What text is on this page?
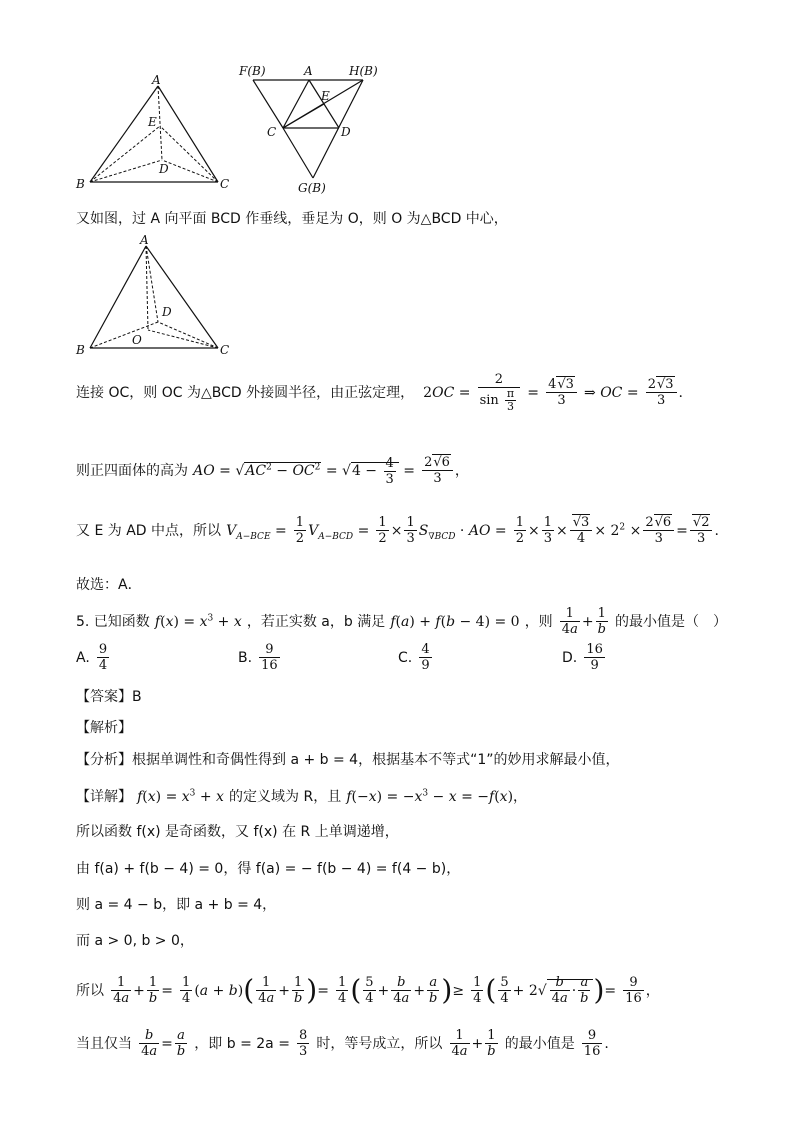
A
E
D
B	C
F(B)	A	H(B)
E
C	D
G(B)
又如图，过 A 向平面 BCD 作垂线，垂足为 O，则 O 为△BCD 中心，
A
D
O
B	C
连接 OC，则 OC 为△BCD 外接圆半径，由正弦定理， $2OC = \frac{2}{\sin \frac{\pi}{3}} = \frac{4√3}{3}$ ⇒ OC = $\frac{2√3}{3}$ .
则正四面体的高为 AO = $√AC^2 - OC^2 = √4 - \frac{4}{3} = \frac{2√6}{3}$ ，
又 E 为 AD 中点，所以 $V_{A-BCE} = \frac{1}{2} V_{A-BCD} = \frac{1}{2} \times \frac{1}{3} S_{\nabla BCD}$ · AO = $\frac{1}{2} \times \frac{1}{3} \times \frac{√3}{4} \times 2^2 \times \frac{2√6}{3} = \frac{√2}{3}$ .
故选：A．
5. 已知函数 $f(x) = x^3 + x$ ，若正实数 a，b 满足 f(a) + f(b − 4) = 0 ，则 $\frac{1}{4a} + \frac{1}{b}$ 的最小值是（　）
A. $\frac{9}{4}$	B. $\frac{9}{16}$	C. $\frac{4}{9}$	D. $\frac{16}{9}$
【答案】B
【解析】
【分析】根据单调性和奇偶性得到 a + b = 4，根据基本不等式“1”的妙用求解最小值，
【详解】 $f(x) = x^3 + x$ 的定义域为 R，且 $f(-x) = -x^3 - x = -f(x)$，
所以函数 f(x) 是奇函数，又 f(x) 在 R 上单调递增，
由 f(a) + f(b − 4) = 0，得 f(a) = − f(b − 4) = f(4 − b)，
则 a = 4 − b，即 a + b = 4，
而 a > 0, b > 0，
所以 $\frac{1}{4a} + \frac{1}{b} = \frac{1}{4} (a + b)( \frac{1}{4a} + \frac{1}{b}$ )= $\frac{1}{4}$ ( $\frac{5}{4} + \frac{b}{4a} + \frac{a}{b}$ )≥ $\frac{1}{4}$ ( $\frac{5}{4} + 2√ \frac{b}{4a} \cdot \frac{a}{b}$ )= $\frac{9}{16}$ ，
当且仅当 $\frac{b}{4a} = \frac{a}{b}$ ，即 $b = 2a = \frac{8}{3}$ 时，等号成立，所以 $\frac{1}{4a} + \frac{1}{b}$ 的最小值是 $\frac{9}{16}$ .
